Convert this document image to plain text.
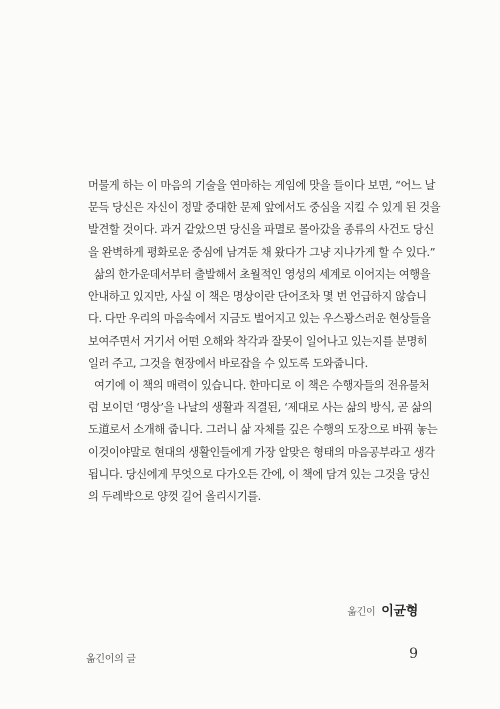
머물게 하는 이 마음의 기술을 연마하는 게임에 맛을 들이다 보면, “어느 날
문득 당신은 자신이 정말 중대한 문제 앞에서도 중심을 지킬 수 있게 된 것을
발견할 것이다. 과거 같았으면 당신을 파멸로 몰아갔을 종류의 사건도 당신
을 완벽하게 평화로운 중심에 남겨둔 채 왔다가 그냥 지나가게 할 수 있다.”
삶의 한가운데서부터 출발해서 초월적인 영성의 세계로 이어지는 여행을
안내하고 있지만, 사실 이 책은 명상이란 단어조차 몇 번 언급하지 않습니
다. 다만 우리의 마음속에서 지금도 벌어지고 있는 우스꽝스러운 현상들을
보여주면서 거기서 어떤 오해와 착각과 잘못이 일어나고 있는지를 분명히
일러 주고, 그것을 현장에서 바로잡을 수 있도록 도와줍니다.
여기에 이 책의 매력이 있습니다. 한마디로 이 책은 수행자들의 전유물처
럼 보이던 ‘명상’을 나날의 생활과 직결된, ‘제대로 사는 삶의 방식, 곧 삶의
도道로서 소개해 줍니다. 그러니 삶 자체를 깊은 수행의 도장으로 바꿔 놓는
이것이야말로 현대의 생활인들에게 가장 알맞은 형태의 마음공부라고 생각
됩니다. 당신에게 무엇으로 다가오든 간에, 이 책에 담겨 있는 그것을 당신
의 두레박으로 양껏 길어 올리시기를.
옮긴이 이균형
옮긴이의 글	9
